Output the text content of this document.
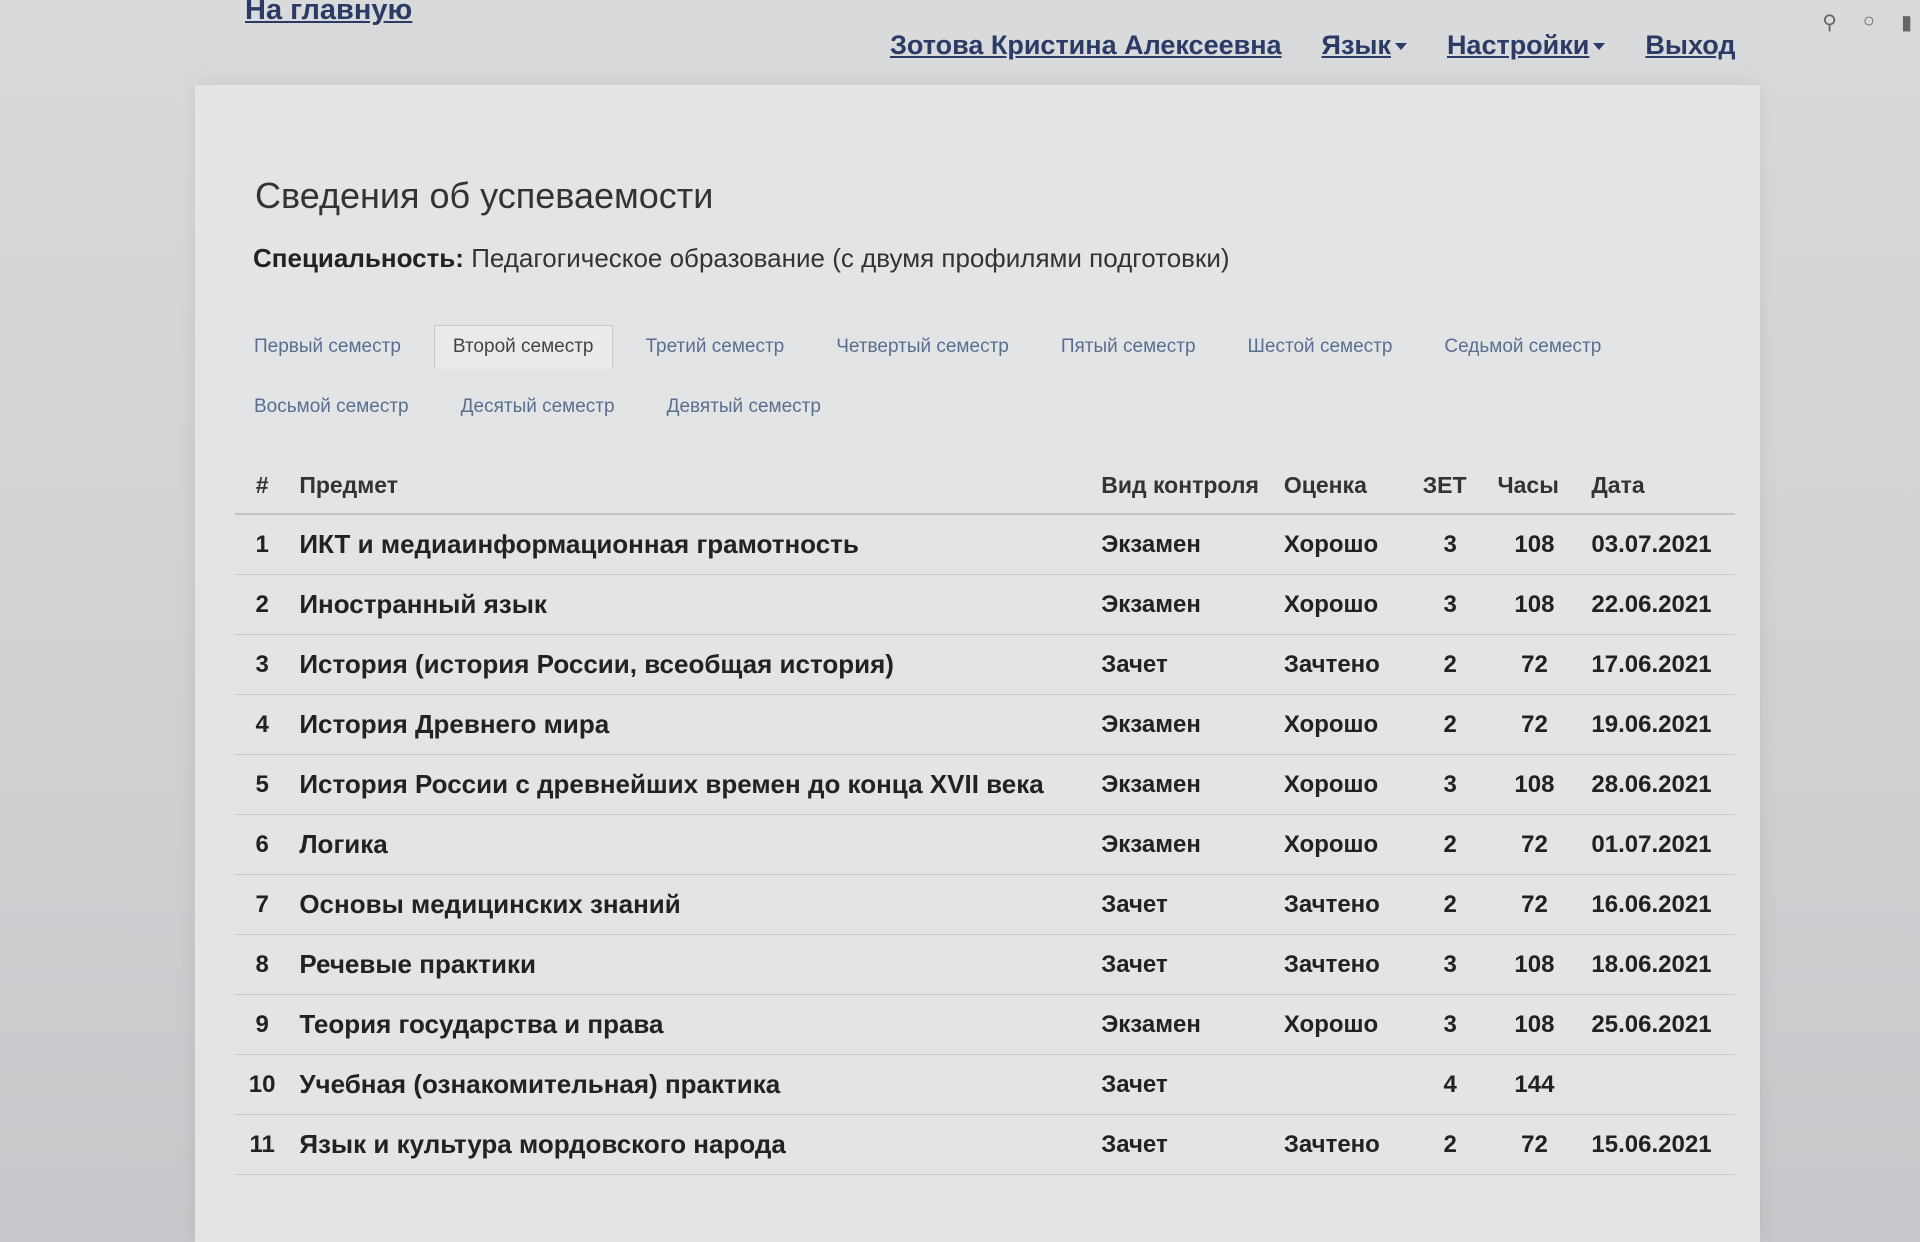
На главную
Зотова Кристина Алексеевна Язык	Настройки	Выход
⚲ ○ ▮
Сведения об успеваемости
Специальность: Педагогическое образование (с двумя профилями подготовки)
Первый семестр	Второй семестр	Третий семестр	Четвертый семестр	Пятый семестр	Шестой семестр	Седьмой семестр
Восьмой семестр	Десятый семестр	Девятый семестр
#	Предмет	Вид контроля	Оценка	ЗЕТ	Часы	Дата
1	ИКТ и медиаинформационная грамотность	Экзамен	Хорошо	3	108	03.07.2021
2	Иностранный язык	Экзамен	Хорошо	3	108	22.06.2021
3	История (история России, всеобщая история)	Зачет	Зачтено	2	72	17.06.2021
4	История Древнего мира	Экзамен	Хорошо	2	72	19.06.2021
5	История России с древнейших времен до конца XVII века	Экзамен	Хорошо	3	108	28.06.2021
6	Логика	Экзамен	Хорошо	2	72	01.07.2021
7	Основы медицинских знаний	Зачет	Зачтено	2	72	16.06.2021
8	Речевые практики	Зачет	Зачтено	3	108	18.06.2021
9	Теория государства и права	Экзамен	Хорошо	3	108	25.06.2021
10	Учебная (ознакомительная) практика	Зачет		4	144	
11	Язык и культура мордовского народа	Зачет	Зачтено	2	72	15.06.2021
